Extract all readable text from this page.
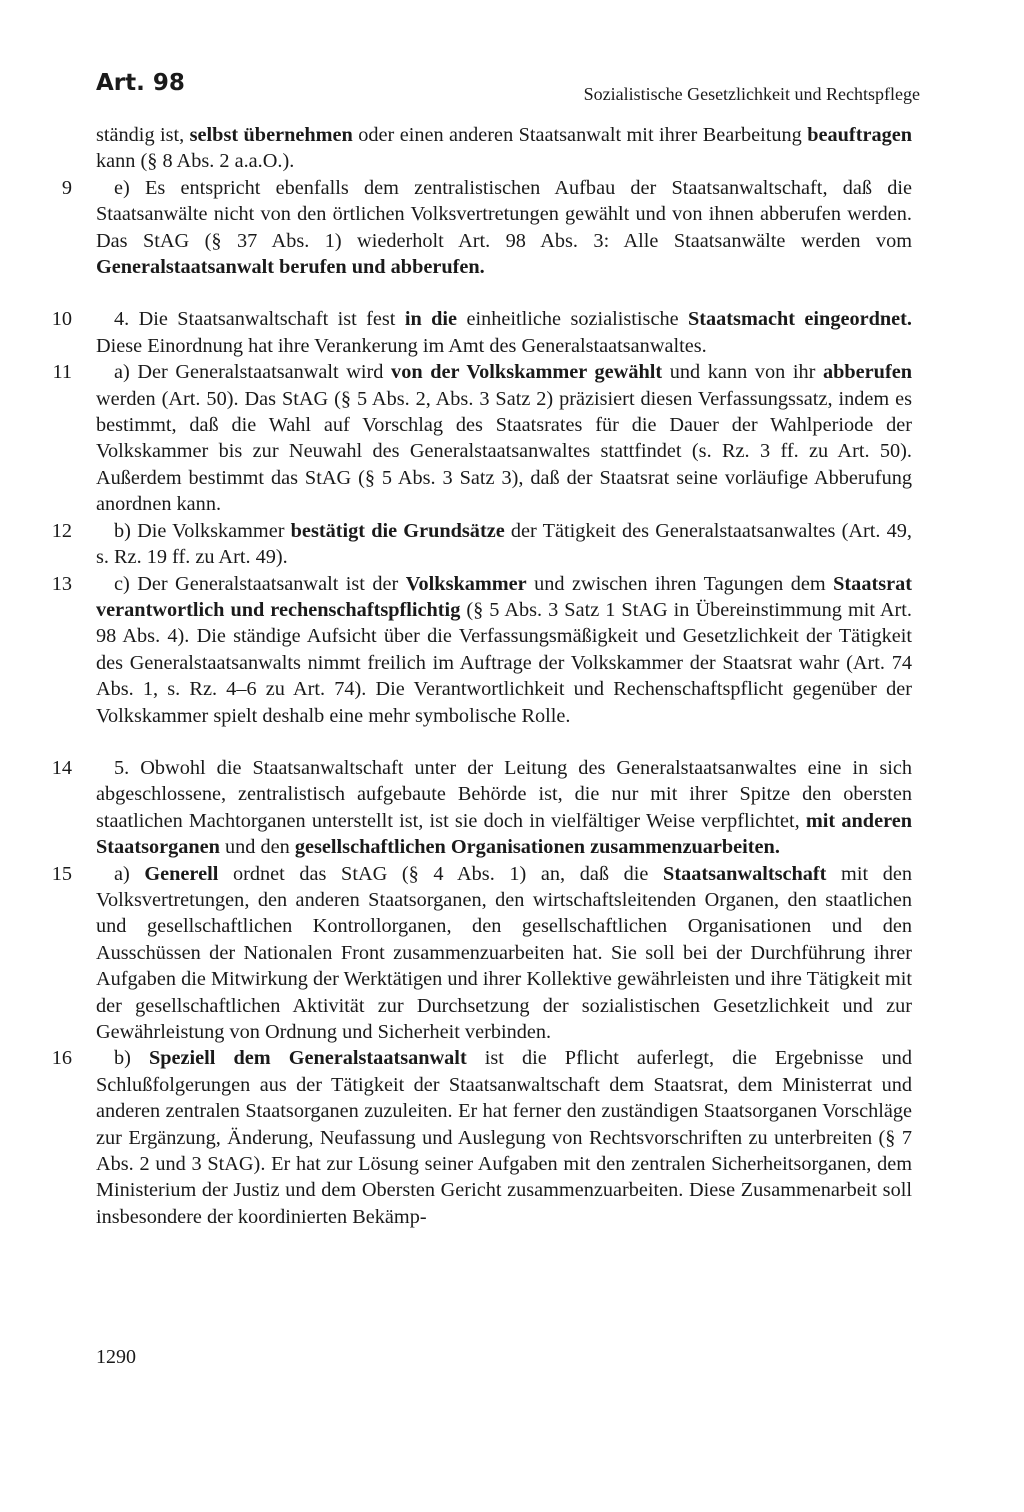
Art. 98	Sozialistische Gesetzlichkeit und Rechtspflege

ständig ist, selbst übernehmen oder einen anderen Staatsanwalt mit ihrer Bearbeitung beauftragen kann (§ 8 Abs. 2 a.a.O.).

9 e) Es entspricht ebenfalls dem zentralistischen Aufbau der Staatsanwaltschaft, daß die Staatsanwälte nicht von den örtlichen Volksvertretungen gewählt und von ihnen abberufen werden. Das StAG (§ 37 Abs. 1) wiederholt Art. 98 Abs. 3: Alle Staatsanwälte werden vom Generalstaatsanwalt berufen und abberufen.

10 4. Die Staatsanwaltschaft ist fest in die einheitliche sozialistische Staatsmacht eingeordnet. Diese Einordnung hat ihre Verankerung im Amt des Generalstaatsanwaltes.

11 a) Der Generalstaatsanwalt wird von der Volkskammer gewählt und kann von ihr abberufen werden (Art. 50). Das StAG (§ 5 Abs. 2, Abs. 3 Satz 2) präzisiert diesen Verfassungssatz, indem es bestimmt, daß die Wahl auf Vorschlag des Staatsrates für die Dauer der Wahlperiode der Volkskammer bis zur Neuwahl des Generalstaatsanwaltes stattfindet (s. Rz. 3 ff. zu Art. 50). Außerdem bestimmt das StAG (§ 5 Abs. 3 Satz 3), daß der Staatsrat seine vorläufige Abberufung anordnen kann.

12 b) Die Volkskammer bestätigt die Grundsätze der Tätigkeit des Generalstaatsanwaltes (Art. 49, s. Rz. 19 ff. zu Art. 49).

13 c) Der Generalstaatsanwalt ist der Volkskammer und zwischen ihren Tagungen dem Staatsrat verantwortlich und rechenschaftspflichtig (§ 5 Abs. 3 Satz 1 StAG in Übereinstimmung mit Art. 98 Abs. 4). Die ständige Aufsicht über die Verfassungsmäßigkeit und Gesetzlichkeit der Tätigkeit des Generalstaatsanwalts nimmt freilich im Auftrage der Volkskammer der Staatsrat wahr (Art. 74 Abs. 1, s. Rz. 4–6 zu Art. 74). Die Verantwortlichkeit und Rechenschaftspflicht gegenüber der Volkskammer spielt deshalb eine mehr symbolische Rolle.

14 5. Obwohl die Staatsanwaltschaft unter der Leitung des Generalstaatsanwaltes eine in sich abgeschlossene, zentralistisch aufgebaute Behörde ist, die nur mit ihrer Spitze den obersten staatlichen Machtorganen unterstellt ist, ist sie doch in vielfältiger Weise verpflichtet, mit anderen Staatsorganen und den gesellschaftlichen Organisationen zusammenzuarbeiten.

15 a) Generell ordnet das StAG (§ 4 Abs. 1) an, daß die Staatsanwaltschaft mit den Volksvertretungen, den anderen Staatsorganen, den wirtschaftsleitenden Organen, den staatlichen und gesellschaftlichen Kontrollorganen, den gesellschaftlichen Organisationen und den Ausschüssen der Nationalen Front zusammenzuarbeiten hat. Sie soll bei der Durchführung ihrer Aufgaben die Mitwirkung der Werktätigen und ihrer Kollektive gewährleisten und ihre Tätigkeit mit der gesellschaftlichen Aktivität zur Durchsetzung der sozialistischen Gesetzlichkeit und zur Gewährleistung von Ordnung und Sicherheit verbinden.

16 b) Speziell dem Generalstaatsanwalt ist die Pflicht auferlegt, die Ergebnisse und Schlußfolgerungen aus der Tätigkeit der Staatsanwaltschaft dem Staatsrat, dem Ministerrat und anderen zentralen Staatsorganen zuzuleiten. Er hat ferner den zuständigen Staatsorganen Vorschläge zur Ergänzung, Änderung, Neufassung und Auslegung von Rechtsvorschriften zu unterbreiten (§ 7 Abs. 2 und 3 StAG). Er hat zur Lösung seiner Aufgaben mit den zentralen Sicherheitsorganen, dem Ministerium der Justiz und dem Obersten Gericht zusammenzuarbeiten. Diese Zusammenarbeit soll insbesondere der koordinierten Bekämp-

1290
